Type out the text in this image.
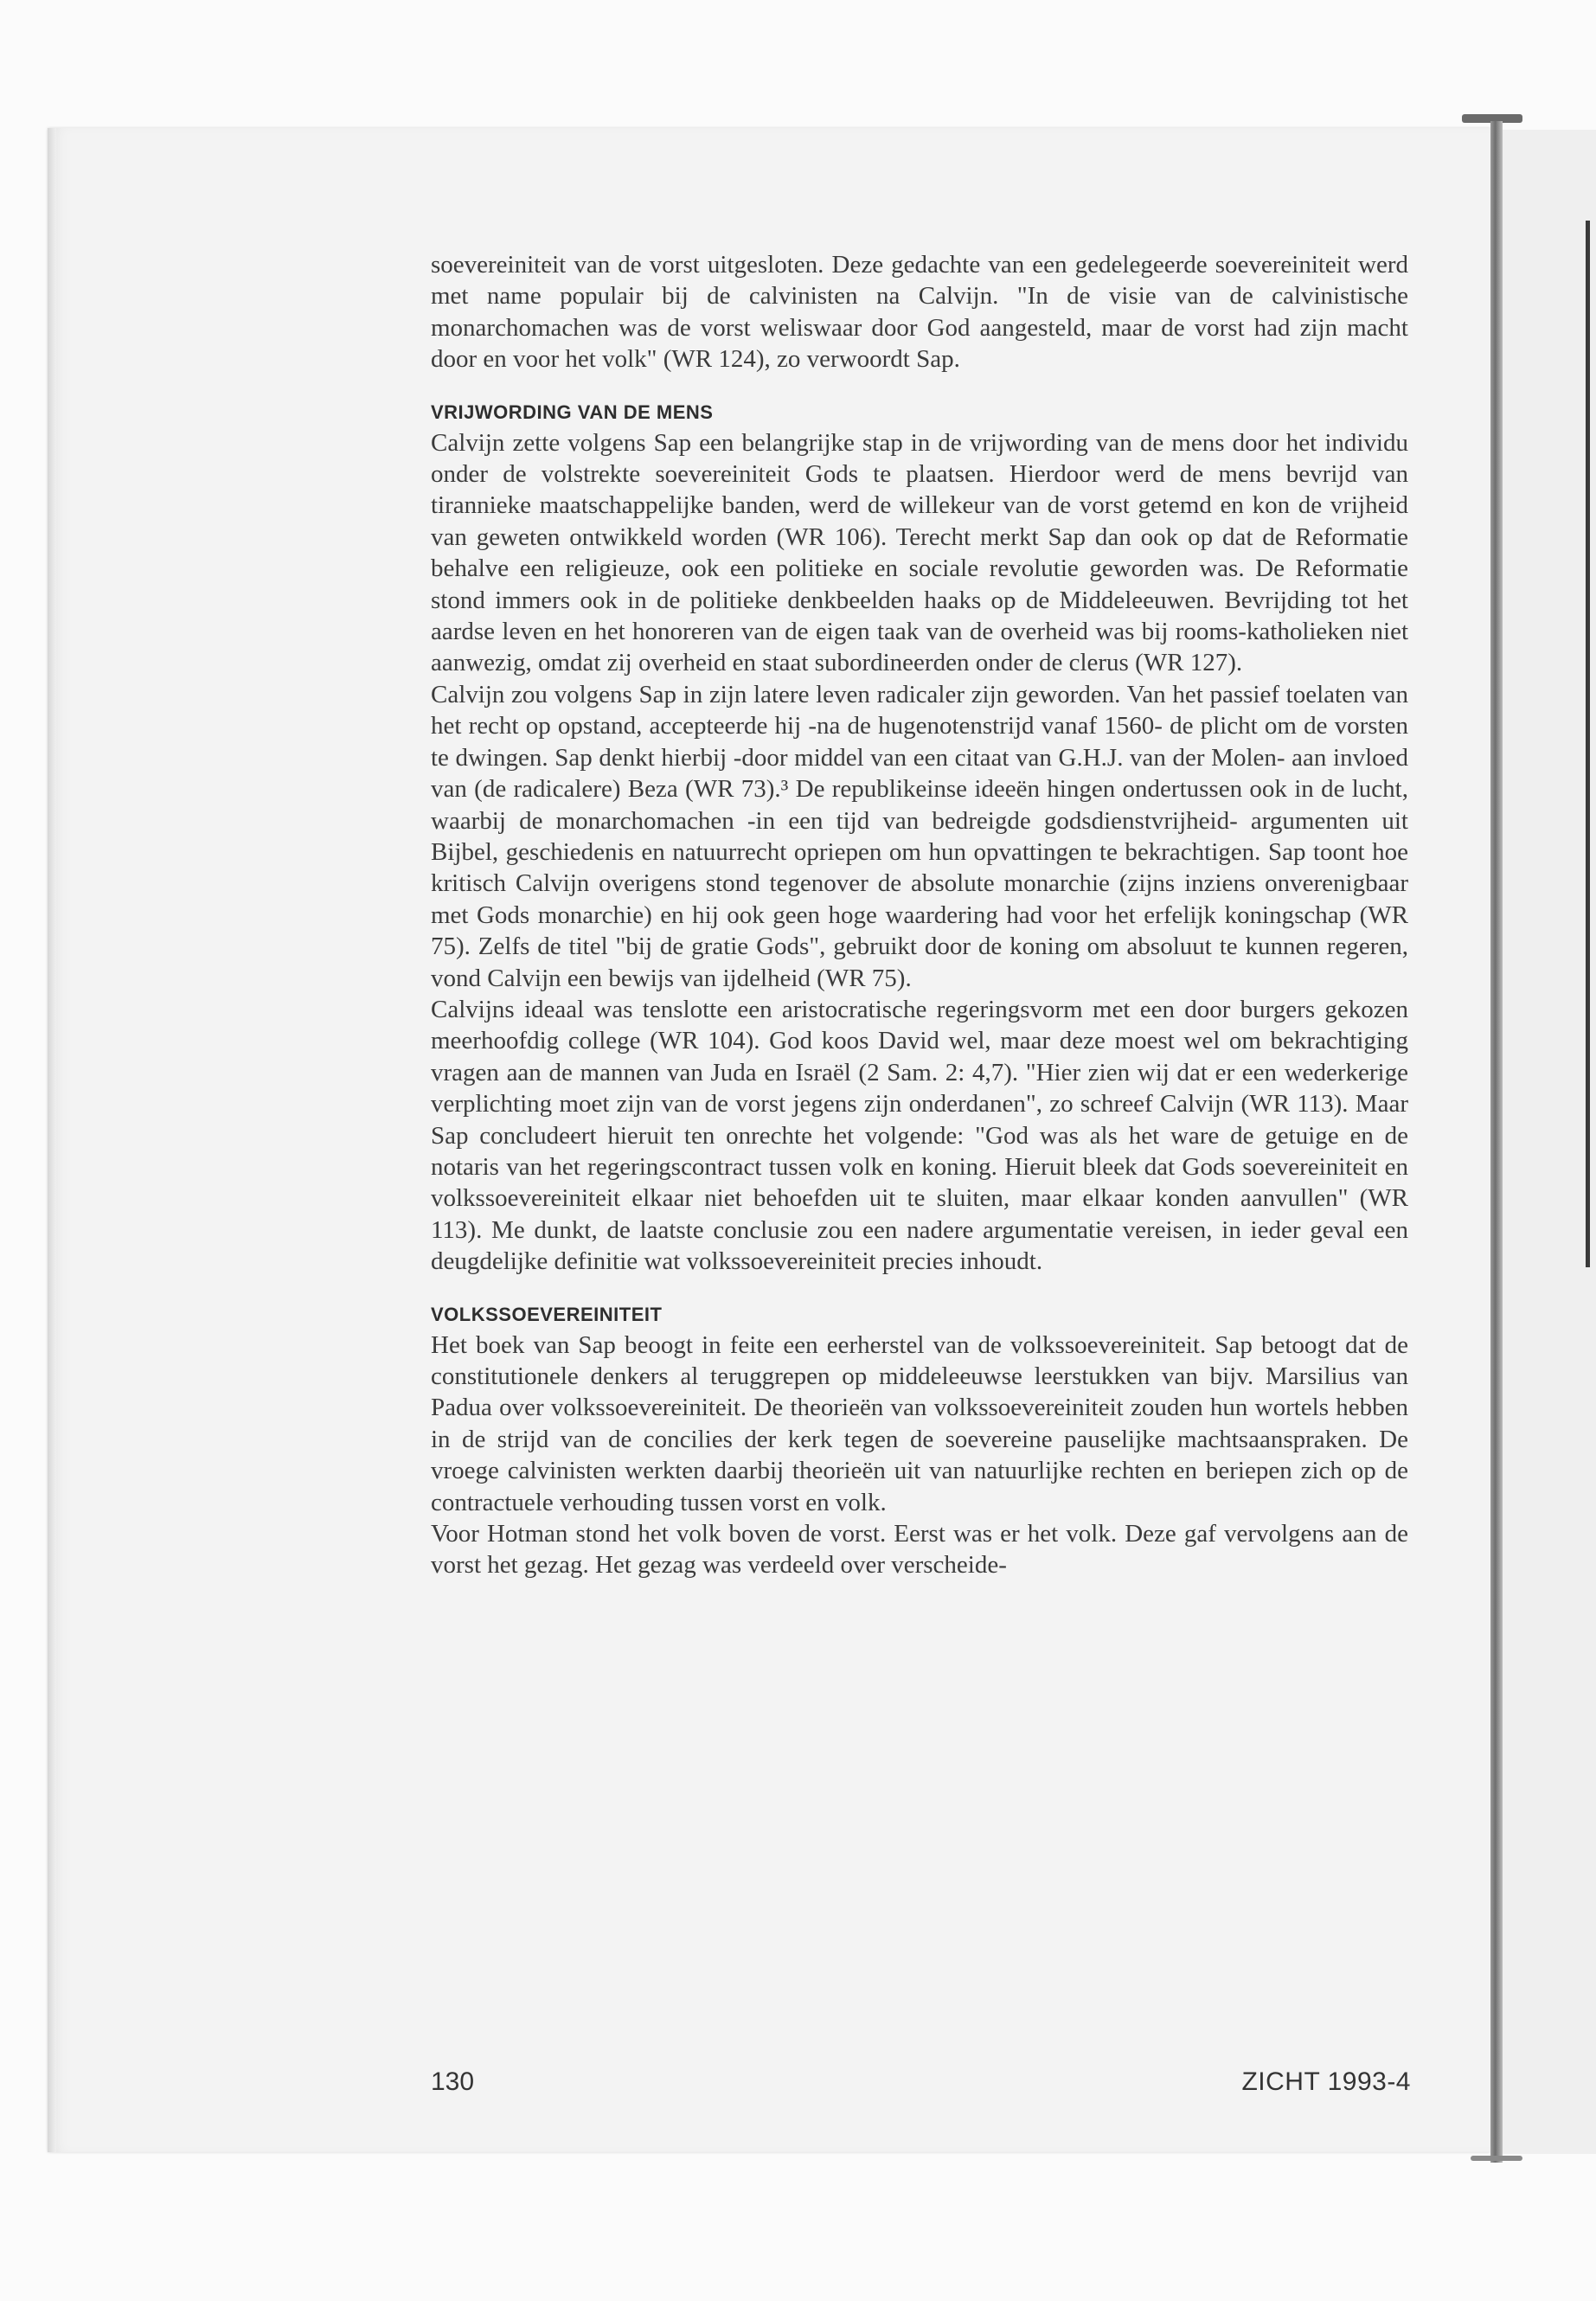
soevereiniteit van de vorst uitgesloten. Deze gedachte van een gedelegeerde soevereiniteit werd met name populair bij de calvinisten na Calvijn. "In de visie van de calvinistische monarchomachen was de vorst weliswaar door God aangesteld, maar de vorst had zijn macht door en voor het volk" (WR 124), zo verwoordt Sap.

VRIJWORDING VAN DE MENS

Calvijn zette volgens Sap een belangrijke stap in de vrijwording van de mens door het individu onder de volstrekte soevereiniteit Gods te plaatsen. Hierdoor werd de mens bevrijd van tirannieke maatschappelijke banden, werd de willekeur van de vorst getemd en kon de vrijheid van geweten ontwikkeld worden (WR 106). Terecht merkt Sap dan ook op dat de Reformatie behalve een religieuze, ook een politieke en sociale revolutie geworden was. De Reformatie stond immers ook in de politieke denkbeelden haaks op de Middeleeuwen. Bevrijding tot het aardse leven en het honoreren van de eigen taak van de overheid was bij rooms-katholieken niet aanwezig, omdat zij overheid en staat subordineerden onder de clerus (WR 127).

Calvijn zou volgens Sap in zijn latere leven radicaler zijn geworden. Van het passief toelaten van het recht op opstand, accepteerde hij -na de hugenotenstrijd vanaf 1560- de plicht om de vorsten te dwingen. Sap denkt hierbij -door middel van een citaat van G.H.J. van der Molen- aan invloed van (de radicalere) Beza (WR 73).³ De republikeinse ideeën hingen ondertussen ook in de lucht, waarbij de monarchomachen -in een tijd van bedreigde godsdienstvrijheid- argumenten uit Bijbel, geschiedenis en natuurrecht opriepen om hun opvattingen te bekrachtigen. Sap toont hoe kritisch Calvijn overigens stond tegenover de absolute monarchie (zijns inziens onverenigbaar met Gods monarchie) en hij ook geen hoge waardering had voor het erfelijk koningschap (WR 75). Zelfs de titel "bij de gratie Gods", gebruikt door de koning om absoluut te kunnen regeren, vond Calvijn een bewijs van ijdelheid (WR 75).

Calvijns ideaal was tenslotte een aristocratische regeringsvorm met een door burgers gekozen meerhoofdig college (WR 104). God koos David wel, maar deze moest wel om bekrachtiging vragen aan de mannen van Juda en Israël (2 Sam. 2: 4,7). "Hier zien wij dat er een wederkerige verplichting moet zijn van de vorst jegens zijn onderdanen", zo schreef Calvijn (WR 113). Maar Sap concludeert hieruit ten onrechte het volgende: "God was als het ware de getuige en de notaris van het regeringscontract tussen volk en koning. Hieruit bleek dat Gods soevereiniteit en volkssoevereiniteit elkaar niet behoefden uit te sluiten, maar elkaar konden aanvullen" (WR 113). Me dunkt, de laatste conclusie zou een nadere argumentatie vereisen, in ieder geval een deugdelijke definitie wat volkssoevereiniteit precies inhoudt.

VOLKSSOEVEREINITEIT

Het boek van Sap beoogt in feite een eerherstel van de volkssoevereiniteit. Sap betoogt dat de constitutionele denkers al teruggrepen op middeleeuwse leerstukken van bijv. Marsilius van Padua over volkssoevereiniteit. De theorieën van volkssoevereiniteit zouden hun wortels hebben in de strijd van de concilies der kerk tegen de soevereine pauselijke machtsaanspraken. De vroege calvinisten werkten daarbij theorieën uit van natuurlijke rechten en beriepen zich op de contractuele verhouding tussen vorst en volk.

Voor Hotman stond het volk boven de vorst. Eerst was er het volk. Deze gaf vervolgens aan de vorst het gezag. Het gezag was verdeeld over verscheide-

130	ZICHT 1993-4
